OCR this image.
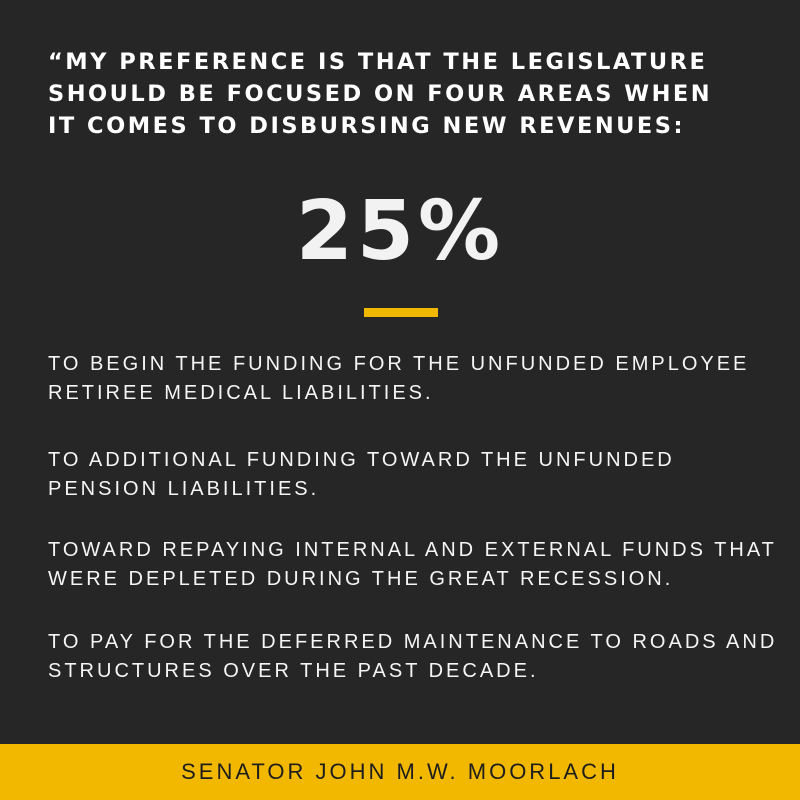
“MY PREFERENCE IS THAT THE LEGISLATURE
SHOULD BE FOCUSED ON FOUR AREAS WHEN
IT COMES TO DISBURSING NEW REVENUES:
25%
TO BEGIN THE FUNDING FOR THE UNFUNDED EMPLOYEE
RETIREE MEDICAL LIABILITIES.
TO ADDITIONAL FUNDING TOWARD THE UNFUNDED
PENSION LIABILITIES.
TOWARD REPAYING INTERNAL AND EXTERNAL FUNDS THAT
WERE DEPLETED DURING THE GREAT RECESSION.
TO PAY FOR THE DEFERRED MAINTENANCE TO ROADS AND
STRUCTURES OVER THE PAST DECADE.
SENATOR JOHN M.W. MOORLACH
